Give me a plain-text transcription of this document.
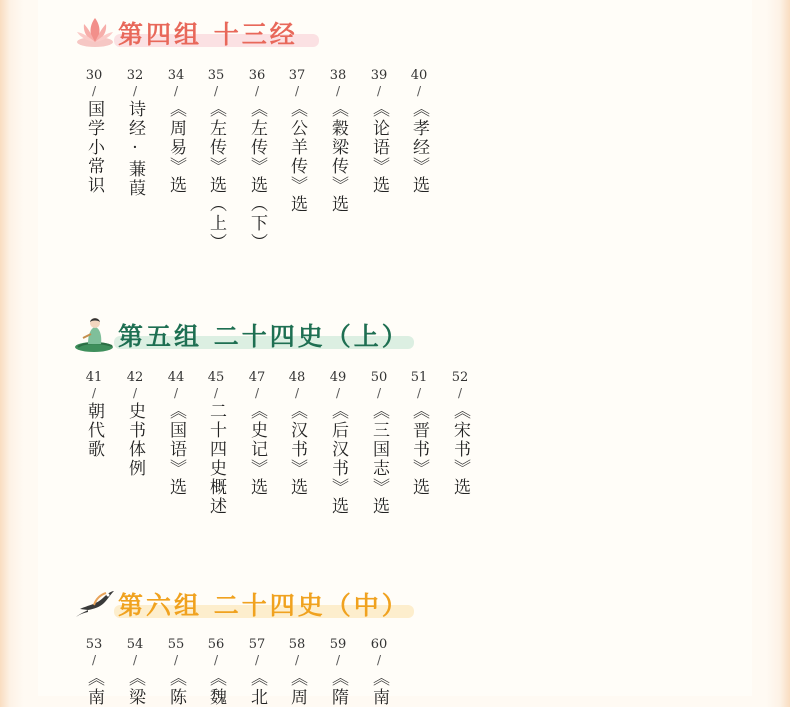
第四组 十三经
30
/
国学小常识
32
/
诗经·蒹葭
34
/
《周易》选
35
/
《左传》选（上）
36
/
《左传》选（下）
37
/
《公羊传》选
38
/
《穀梁传》选
39
/
《论语》选
40
/
《孝经》选
第五组 二十四史（上）
41
/
朝代歌
42
/
史书体例
44
/
《国语》选
45
/
二十四史概述
47
/
《史记》选
48
/
《汉书》选
49
/
《后汉书》选
50
/
《三国志》选
51
/
《晋书》选
52
/
《宋书》选
第六组 二十四史（中）
53
/
《南
54
/
《梁
55
/
《陈
56
/
《魏
57
/
《北
58
/
《周
59
/
《隋
60
/
《南
